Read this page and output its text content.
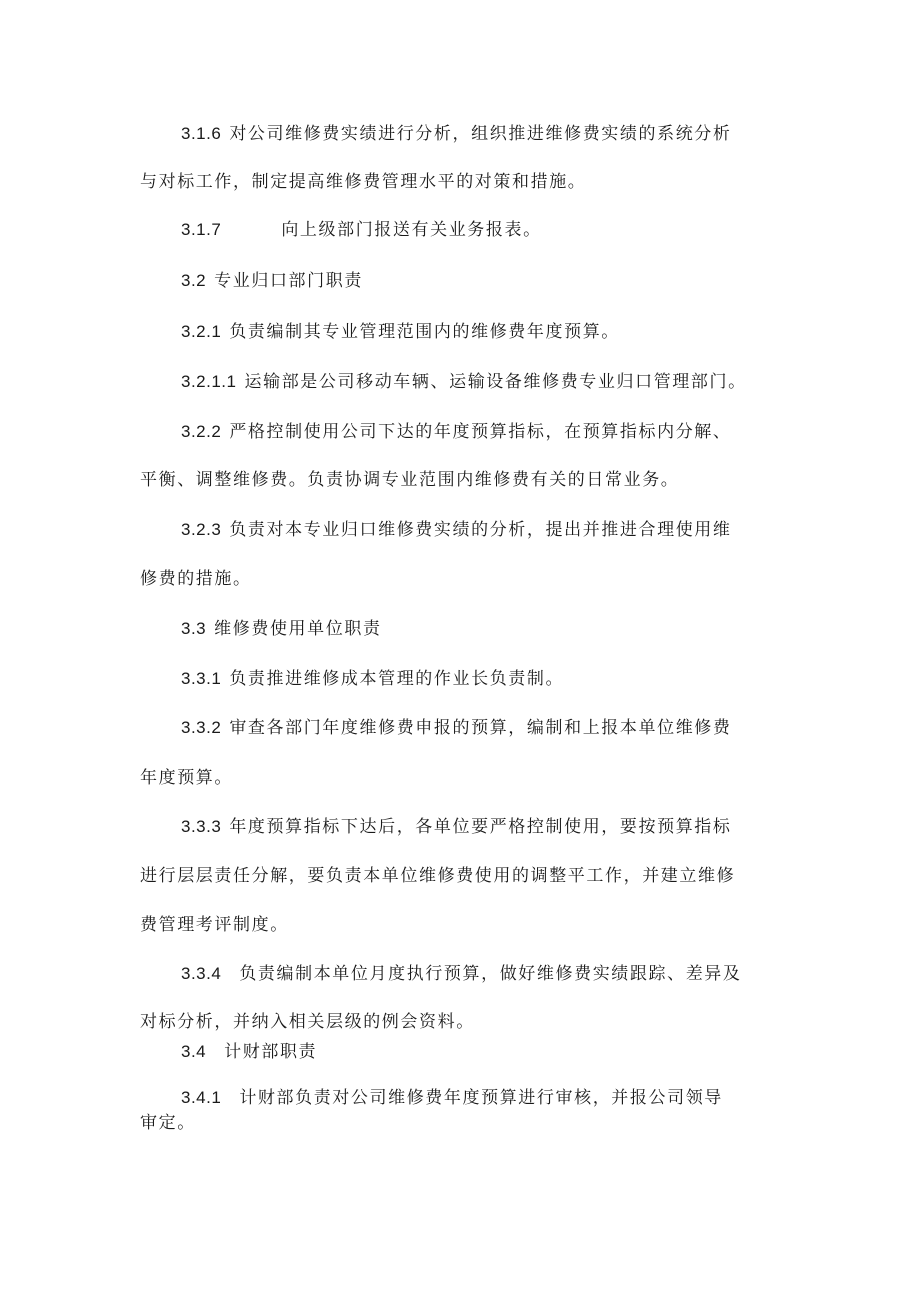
3.1.6 对公司维修费实绩进行分析，组织推进维修费实绩的系统分析
与对标工作，制定提高维修费管理水平的对策和措施。
3.1.7	向上级部门报送有关业务报表。
3.2 专业归口部门职责
3.2.1 负责编制其专业管理范围内的维修费年度预算。
3.2.1.1 运输部是公司移动车辆、运输设备维修费专业归口管理部门。
3.2.2 严格控制使用公司下达的年度预算指标，在预算指标内分解、
平衡、调整维修费。负责协调专业范围内维修费有关的日常业务。
3.2.3 负责对本专业归口维修费实绩的分析，提出并推进合理使用维
修费的措施。
3.3 维修费使用单位职责
3.3.1 负责推进维修成本管理的作业长负责制。
3.3.2 审查各部门年度维修费申报的预算，编制和上报本单位维修费
年度预算。
3.3.3 年度预算指标下达后，各单位要严格控制使用，要按预算指标
进行层层责任分解，要负责本单位维修费使用的调整平工作，并建立维修
费管理考评制度。
3.3.4 负责编制本单位月度执行预算，做好维修费实绩跟踪、差异及
对标分析，并纳入相关层级的例会资料。
3.4 计财部职责
3.4.1 计财部负责对公司维修费年度预算进行审核，并报公司领导
审定。
